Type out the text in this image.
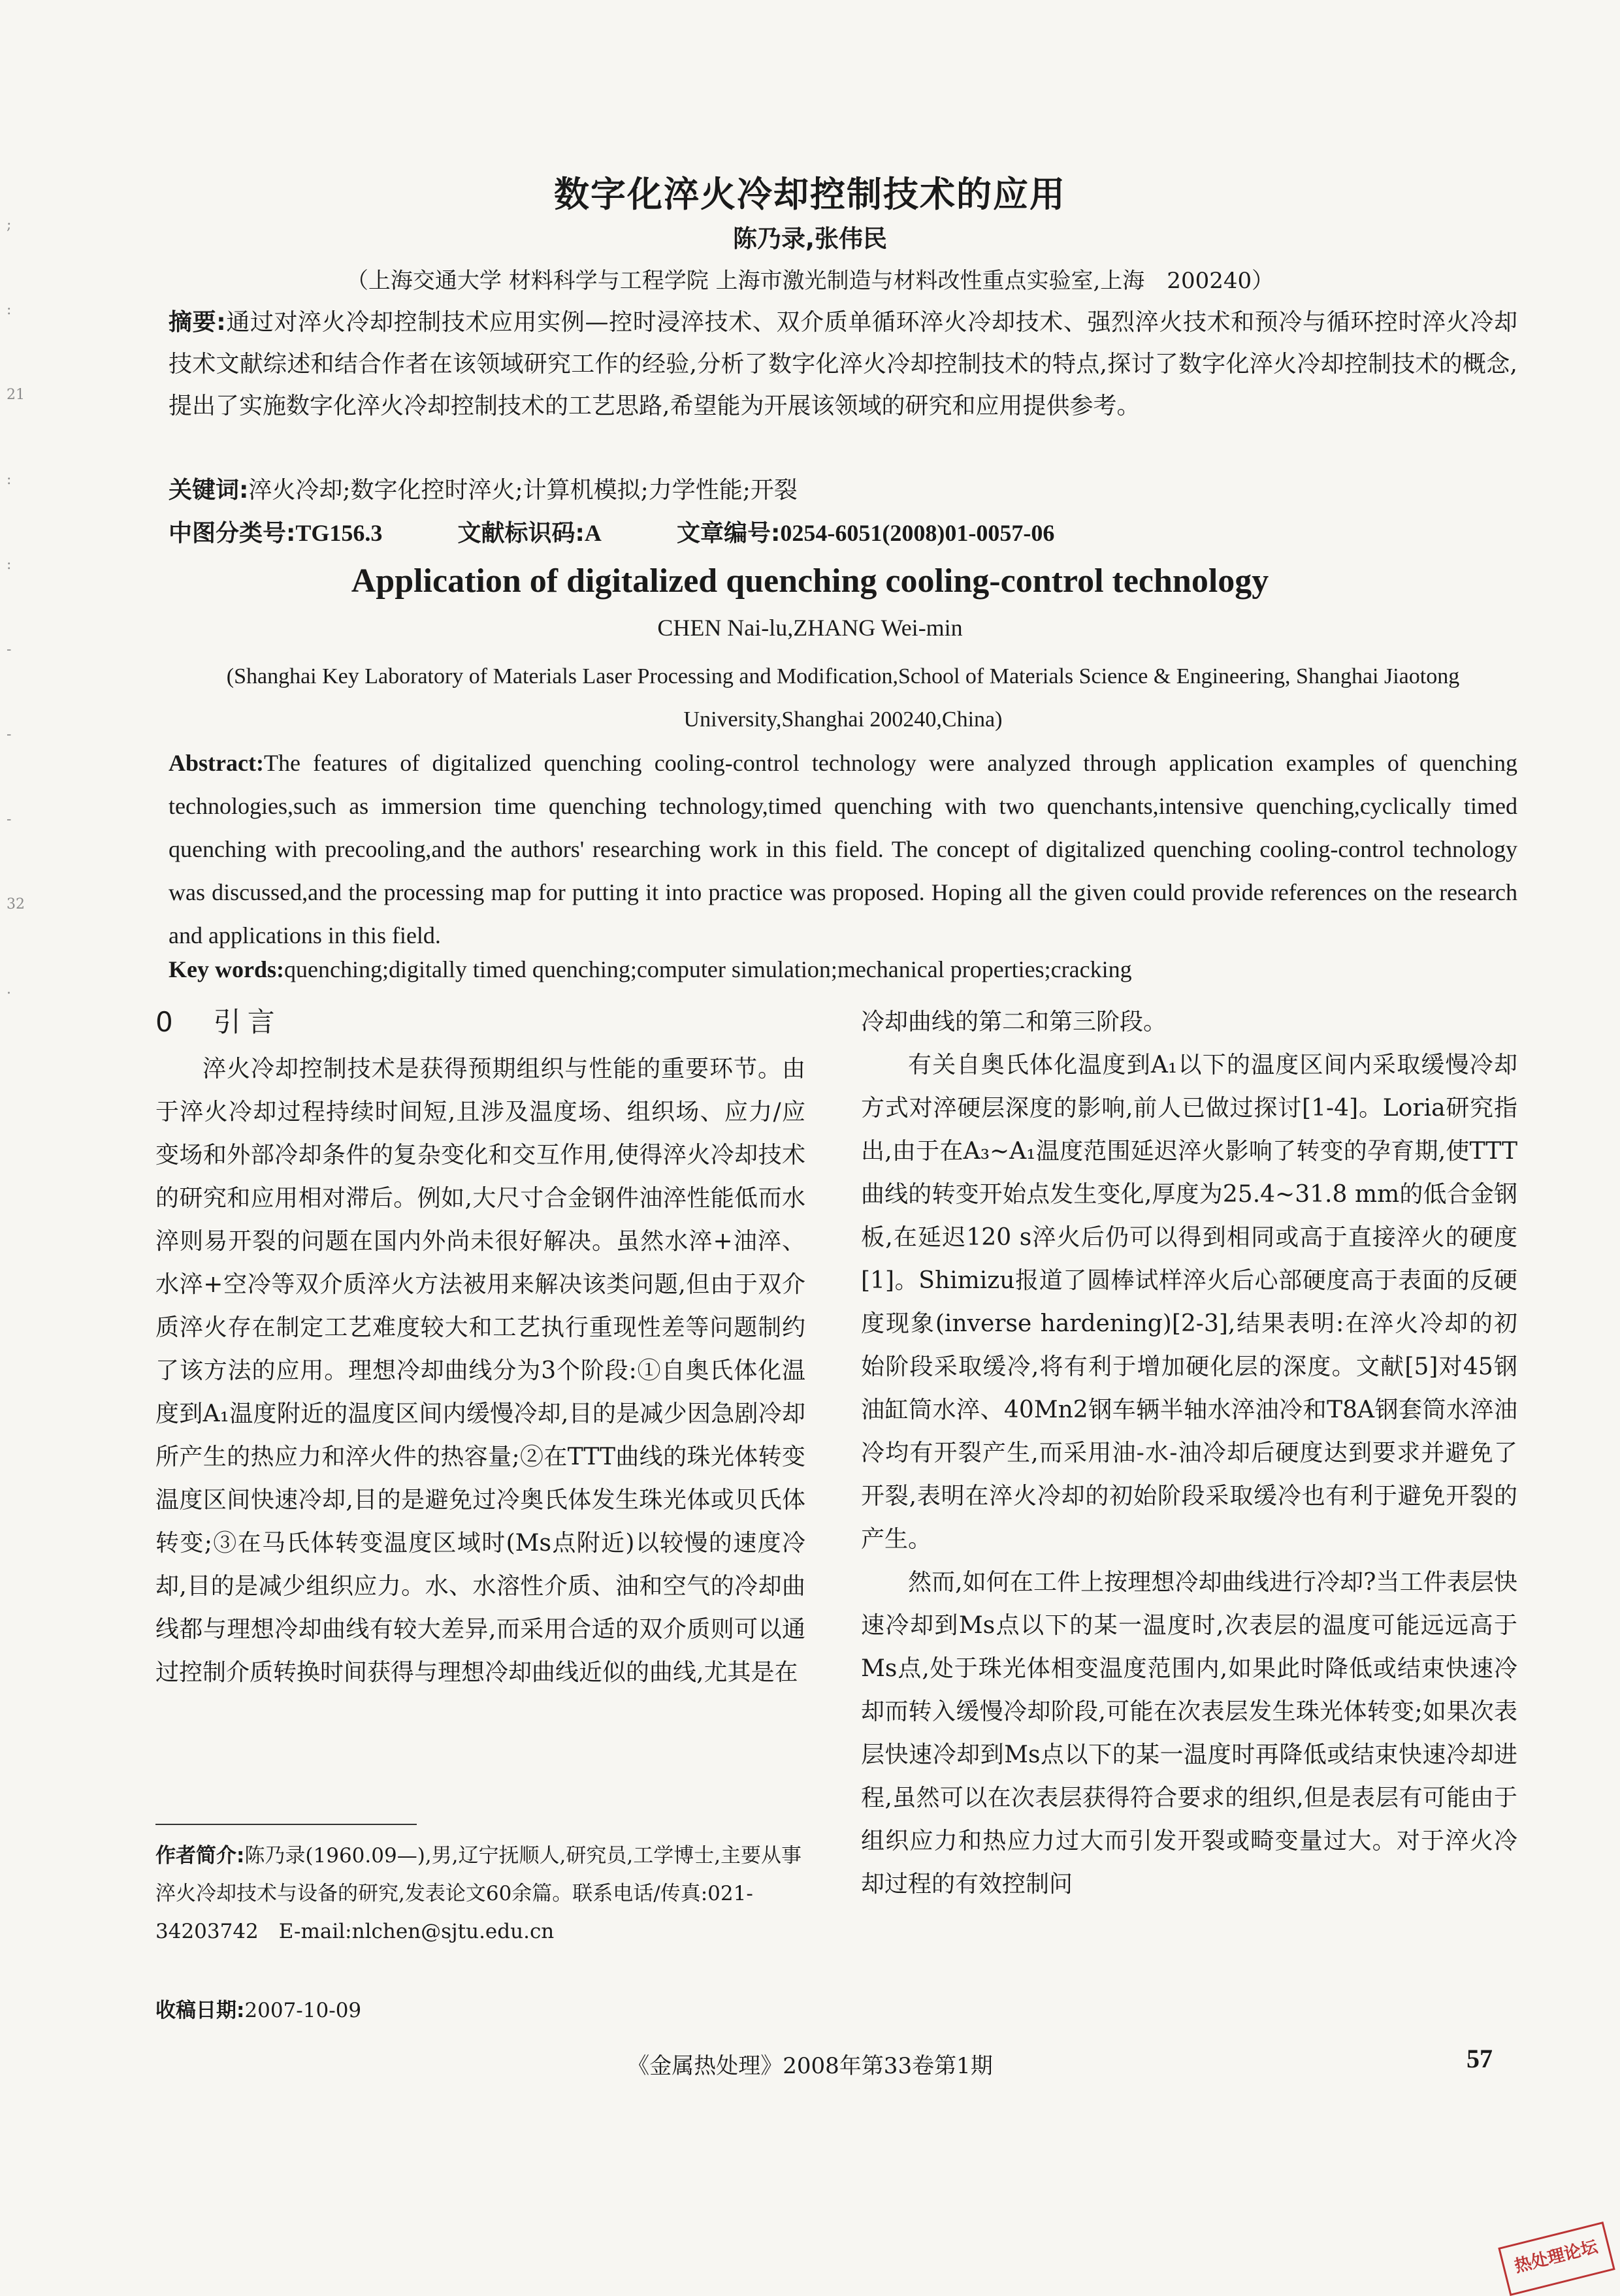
;
:
21
:
:
-
-
-
32
.
数字化淬火冷却控制技术的应用
陈乃录,张伟民
（上海交通大学 材料科学与工程学院 上海市激光制造与材料改性重点实验室,上海　200240）
摘要:通过对淬火冷却控制技术应用实例—控时浸淬技术、双介质单循环淬火冷却技术、强烈淬火技术和预冷与循环控时淬火冷却技术文献综述和结合作者在该领域研究工作的经验,分析了数字化淬火冷却控制技术的特点,探讨了数字化淬火冷却控制技术的概念,提出了实施数字化淬火冷却控制技术的工艺思路,希望能为开展该领域的研究和应用提供参考。
关键词:淬火冷却;数字化控时淬火;计算机模拟;力学性能;开裂
中图分类号:TG156.3	文献标识码:A	文章编号:0254-6051(2008)01-0057-06
Application of digitalized quenching cooling-control technology
CHEN Nai-lu,ZHANG Wei-min
(Shanghai Key Laboratory of Materials Laser Processing and Modification,School of Materials Science & Engineering, Shanghai Jiaotong University,Shanghai 200240,China)
Abstract:The features of digitalized quenching cooling-control technology were analyzed through application examples of quenching technologies,such as immersion time quenching technology,timed quenching with two quenchants,intensive quenching,cyclically timed quenching with precooling,and the authors' researching work in this field. The concept of digitalized quenching cooling-control technology was discussed,and the processing map for putting it into practice was proposed. Hoping all the given could provide references on the research and applications in this field.
Key words:quenching;digitally timed quenching;computer simulation;mechanical properties;cracking
0　引言

淬火冷却控制技术是获得预期组织与性能的重要环节。由于淬火冷却过程持续时间短,且涉及温度场、组织场、应力/应变场和外部冷却条件的复杂变化和交互作用,使得淬火冷却技术的研究和应用相对滞后。例如,大尺寸合金钢件油淬性能低而水淬则易开裂的问题在国内外尚未很好解决。虽然水淬+油淬、水淬+空冷等双介质淬火方法被用来解决该类问题,但由于双介质淬火存在制定工艺难度较大和工艺执行重现性差等问题制约了该方法的应用。理想冷却曲线分为3个阶段:①自奥氏体化温度到A₁温度附近的温度区间内缓慢冷却,目的是减少因急剧冷却所产生的热应力和淬火件的热容量;②在TTT曲线的珠光体转变温度区间快速冷却,目的是避免过冷奥氏体发生珠光体或贝氏体转变;③在马氏体转变温度区域时(Ms点附近)以较慢的速度冷却,目的是减少组织应力。水、水溶性介质、油和空气的冷却曲线都与理想冷却曲线有较大差异,而采用合适的双介质则可以通过控制介质转换时间获得与理想冷却曲线近似的曲线,尤其是在

冷却曲线的第二和第三阶段。

有关自奥氏体化温度到A₁以下的温度区间内采取缓慢冷却方式对淬硬层深度的影响,前人已做过探讨[1-4]。Loria研究指出,由于在A₃~A₁温度范围延迟淬火影响了转变的孕育期,使TTT曲线的转变开始点发生变化,厚度为25.4~31.8 mm的低合金钢板,在延迟120 s淬火后仍可以得到相同或高于直接淬火的硬度[1]。Shimizu报道了圆棒试样淬火后心部硬度高于表面的反硬度现象(inverse hardening)[2-3],结果表明:在淬火冷却的初始阶段采取缓冷,将有利于增加硬化层的深度。文献[5]对45钢油缸筒水淬、40Mn2钢车辆半轴水淬油冷和T8A钢套筒水淬油冷均有开裂产生,而采用油-水-油冷却后硬度达到要求并避免了开裂,表明在淬火冷却的初始阶段采取缓冷也有利于避免开裂的产生。

然而,如何在工件上按理想冷却曲线进行冷却?当工件表层快速冷却到Ms点以下的某一温度时,次表层的温度可能远远高于Ms点,处于珠光体相变温度范围内,如果此时降低或结束快速冷却而转入缓慢冷却阶段,可能在次表层发生珠光体转变;如果次表层快速冷却到Ms点以下的某一温度时再降低或结束快速冷却进程,虽然可以在次表层获得符合要求的组织,但是表层有可能由于组织应力和热应力过大而引发开裂或畸变量过大。对于淬火冷却过程的有效控制问

作者简介:陈乃录(1960.09—),男,辽宁抚顺人,研究员,工学博士,主要从事淬火冷却技术与设备的研究,发表论文60余篇。联系电话/传真:021-34203742　E-mail:nlchen@sjtu.edu.cn
收稿日期:2007-10-09
《金属热处理》2008年第33卷第1期	57
热处理论坛
